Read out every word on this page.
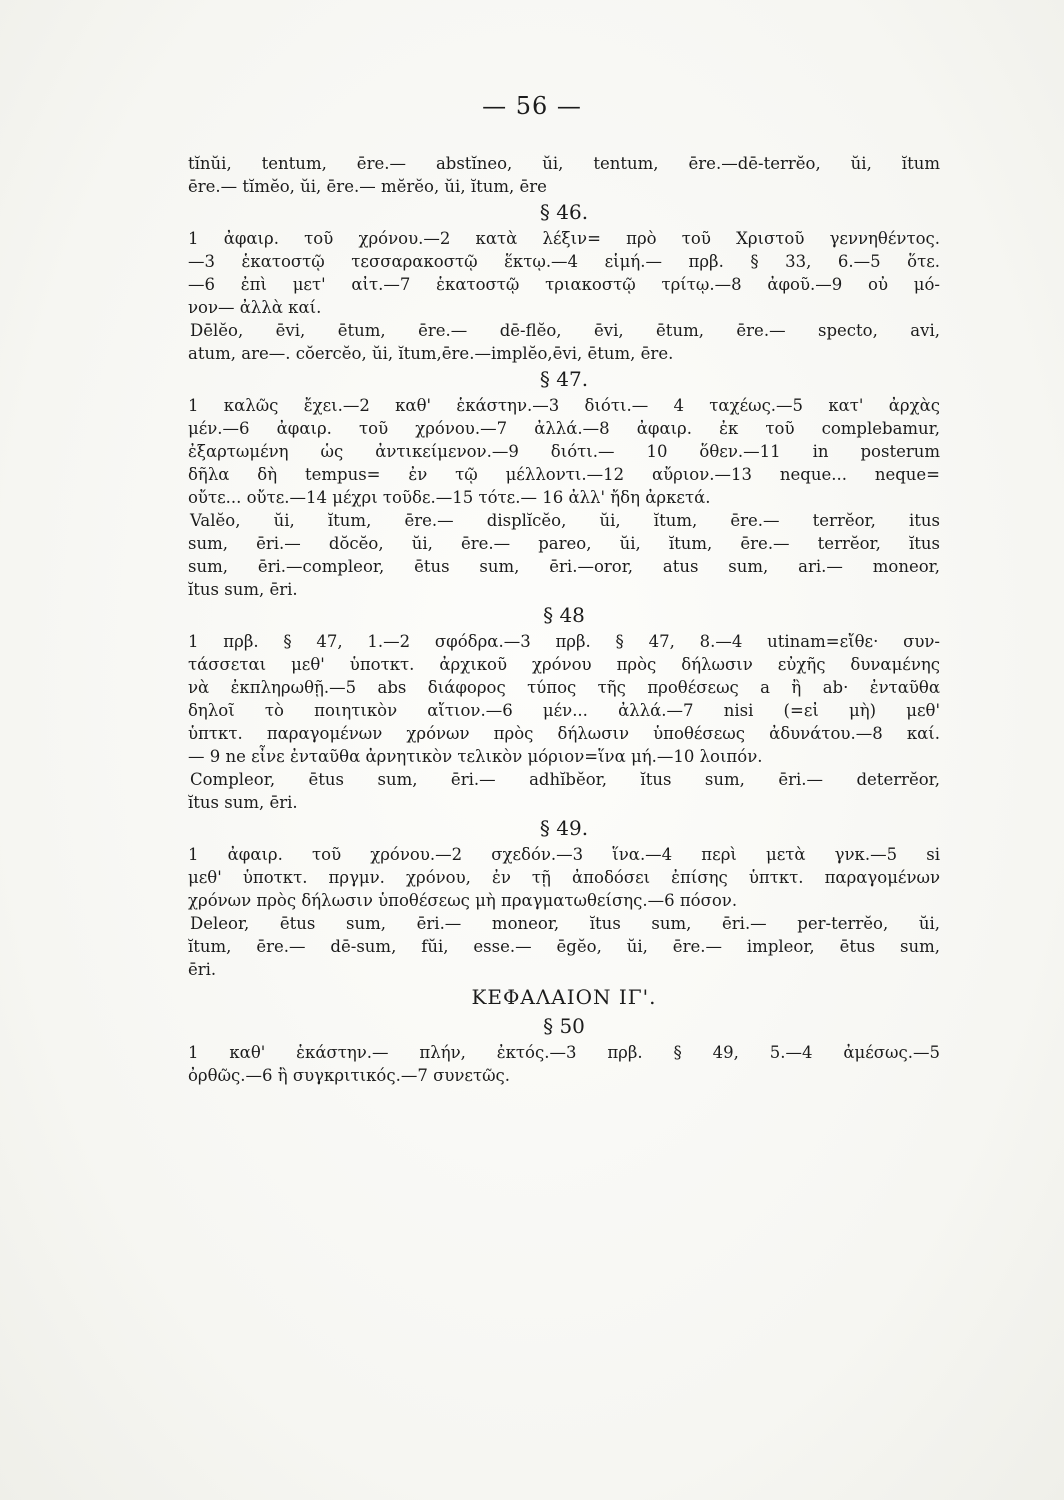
— 56 —
tĭnŭi, tentum, ēre.— abstĭneo, ŭi, tentum, ēre.—dē-terrĕo, ŭi, ĭtum
ēre.— tĭmĕo, ŭi, ēre.— mĕrĕo, ŭi, ĭtum, ēre
§ 46.
1 ἀφαιρ. τοῦ χρόνου.—2 κατὰ λέξιν= πρὸ τοῦ Χριστοῦ γεννηθέντος.
—3 ἑκατοστῷ τεσσαρακοστῷ ἕκτῳ.—4 εἱμή.— πρβ. § 33, 6.—5 ὅτε.
—6 ἐπὶ μετ' αἰτ.—7 ἑκατοστῷ τριακοστῷ τρίτῳ.—8 ἀφοῦ.—9 οὐ μό-
νον— ἀλλὰ καί.
Dēlĕo, ēvi, ētum, ēre.— dē-flĕo, ēvi, ētum, ēre.— specto, avi,
atum, are—. cŏercĕo, ŭi, ĭtum,ēre.—implĕo,ēvi, ētum, ēre.
§ 47.
1 καλῶς ἔχει.—2 καθ' ἑκάστην.—3 διότι.— 4 ταχέως.—5 κατ' ἀρχὰς
μέν.—6 ἀφαιρ. τοῦ χρόνου.—7 ἀλλά.—8 ἀφαιρ. ἐκ τοῦ complebamur,
ἐξαρτωμένη ὡς ἀντικείμενον.—9 διότι.— 10 ὅθεν.—11 in posterum
δῆλα δὴ tempus= ἐν τῷ μέλλοντι.—12 αὔριον.—13 neque... neque=
οὔτε... οὔτε.—14 μέχρι τοῦδε.—15 τότε.— 16 ἀλλ' ἤδη ἀρκετά.
Valĕo, ŭi, ĭtum, ēre.— displĭcĕo, ŭi, ĭtum, ēre.— terrĕor, itus
sum, ēri.— dŏcĕo, ŭi, ēre.— pareo, ŭi, ĭtum, ēre.— terrĕor, ĭtus
sum, ēri.—compleor, ētus sum, ēri.—oror, atus sum, ari.— moneor,
ĭtus sum, ēri.
§ 48
1 πρβ. § 47, 1.—2 σφόδρα.—3 πρβ. § 47, 8.—4 utinam=εἴθε· συν-
τάσσεται μεθ' ὑποτκτ. ἀρχικοῦ χρόνου πρὸς δήλωσιν εὐχῆς δυναμένης
νὰ ἐκπληρωθῇ.—5 abs διάφορος τύπος τῆς προθέσεως a ἢ ab· ἐνταῦθα
δηλοῖ τὸ ποιητικὸν αἴτιον.—6 μέν... ἀλλά.—7 nisi (=εἰ μὴ) μεθ'
ὑπτκτ. παραγομένων χρόνων πρὸς δήλωσιν ὑποθέσεως ἀδυνάτου.—8 καί.
— 9 ne εἶνε ἐνταῦθα ἀρνητικὸν τελικὸν μόριον=ἵνα μή.—10 λοιπόν.
Compleor, ētus sum, ēri.— adhĭbĕor, ĭtus sum, ēri.— deterrĕor,
ĭtus sum, ēri.
§ 49.
1 ἀφαιρ. τοῦ χρόνου.—2 σχεδόν.—3 ἵνα.—4 περὶ μετὰ γνκ.—5 si
μεθ' ὑποτκτ. πργμν. χρόνου, ἐν τῇ ἀποδόσει ἐπίσης ὑπτκτ. παραγομένων
χρόνων πρὸς δήλωσιν ὑποθέσεως μὴ πραγματωθείσης.—6 πόσον.
Deleor, ētus sum, ēri.— moneor, ĭtus sum, ēri.— per-terrĕo, ŭi,
ĭtum, ēre.— dē-sum, fŭi, esse.— ēgĕo, ŭi, ēre.— impleor, ētus sum,
ēri.
ΚΕΦΑΛΑΙΟΝ ΙΓ'.
§ 50
1 καθ' ἑκάστην.— πλήν, ἐκτός.—3 πρβ. § 49, 5.—4 ἀμέσως.—5
ὀρθῶς.—6 ἢ συγκριτικός.—7 συνετῶς.
